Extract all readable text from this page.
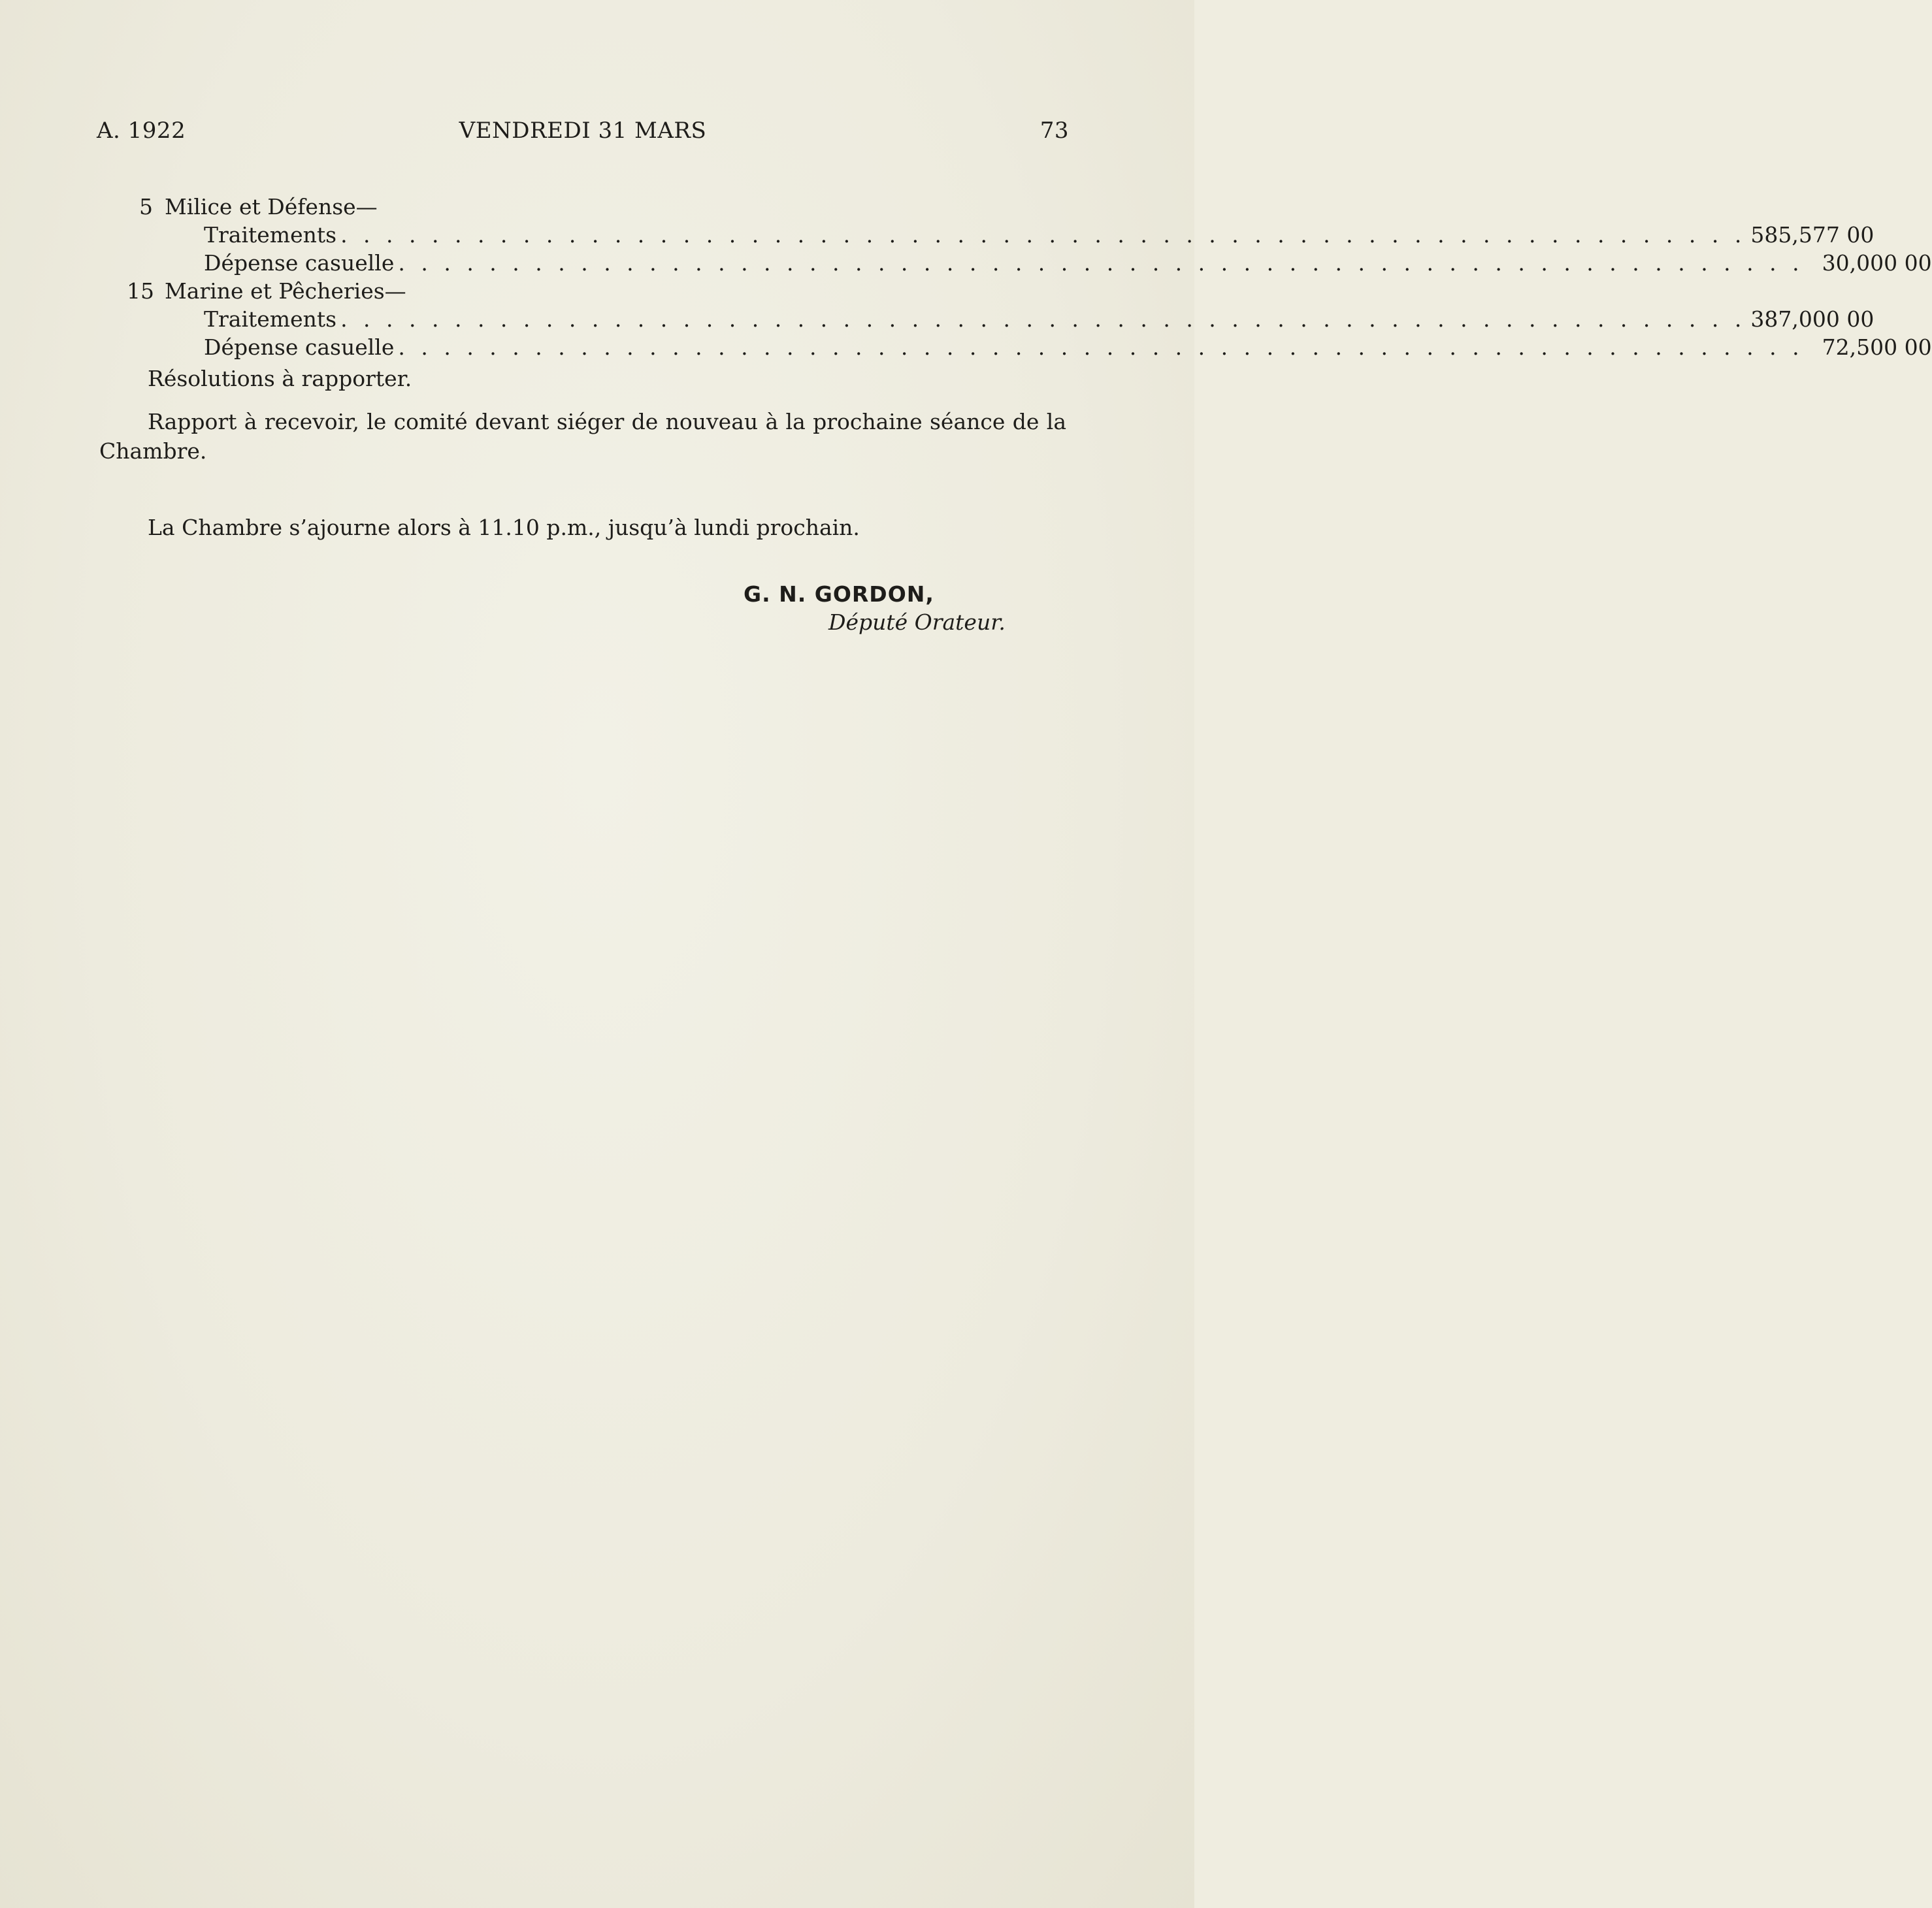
A. 1922	VENDREDI 31 MARS	73
5 Milice et Défense—
Traitements . . . . . . . . . . . . . . . . . . . . . . . . . . . . . . . . . . . . . . . . . . . . . . . . . . . . . . . . . . . . . . 585,577 00
Dépense casuelle . . . . . . . . . . . . . . . . . . . . . . . . . . . . . . . . . . . . . . . . . . . . . . . . . . . . . . . . . . . . . . 30,000 00
15 Marine et Pêcheries—
Traitements . . . . . . . . . . . . . . . . . . . . . . . . . . . . . . . . . . . . . . . . . . . . . . . . . . . . . . . . . . . . . . 387,000 00
Dépense casuelle . . . . . . . . . . . . . . . . . . . . . . . . . . . . . . . . . . . . . . . . . . . . . . . . . . . . . . . . . . . . . . 72,500 00

Résolutions à rapporter.

Rapport à recevoir, le comité devant siéger de nouveau à la prochaine séance de la Chambre.

La Chambre s’ajourne alors à 11.10 p.m., jusqu’à lundi prochain.

G. N. GORDON,
Député Orateur.
